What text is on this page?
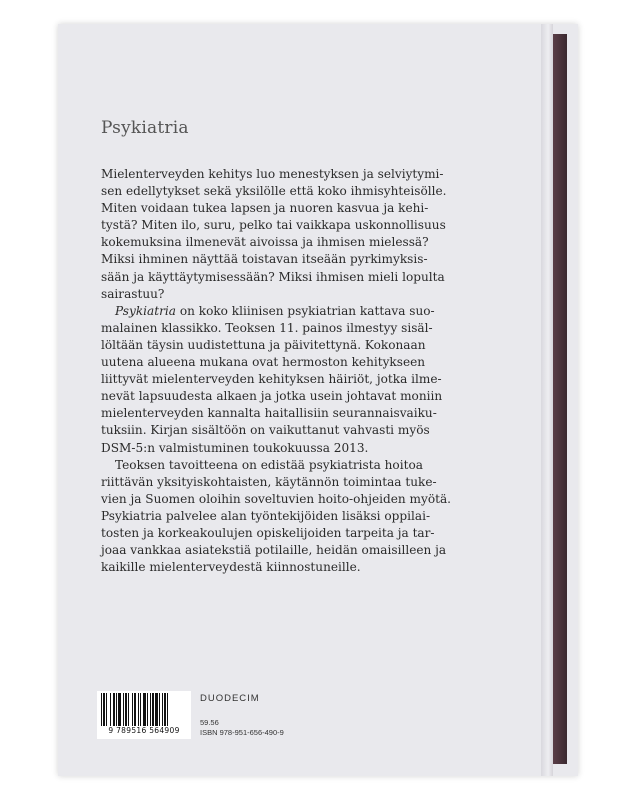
Psykiatria
Mielenterveyden kehitys luo menestyksen ja selviytymi-
sen edellytykset sekä yksilölle että koko ihmisyhteisölle.
Miten voidaan tukea lapsen ja nuoren kasvua ja kehi-
tystä? Miten ilo, suru, pelko tai vaikkapa uskonnollisuus
kokemuksina ilmenevät aivoissa ja ihmisen mielessä?
Miksi ihminen näyttää toistavan itseään pyrkimyksis-
sään ja käyttäytymisessään? Miksi ihmisen mieli lopulta
sairastuu?
Psykiatria on koko kliinisen psykiatrian kattava suo-
malainen klassikko. Teoksen 11. painos ilmestyy sisäl-
löltään täysin uudistettuna ja päivitettynä. Kokonaan
uutena alueena mukana ovat hermoston kehitykseen
liittyvät mielenterveyden kehityksen häiriöt, jotka ilme-
nevät lapsuudesta alkaen ja jotka usein johtavat moniin
mielenterveyden kannalta haitallisiin seurannaisvaiku-
tuksiin. Kirjan sisältöön on vaikuttanut vahvasti myös
DSM-5:n valmistuminen toukokuussa 2013.
Teoksen tavoitteena on edistää psykiatrista hoitoa
riittävän yksityiskohtaisten, käytännön toimintaa tuke-
vien ja Suomen oloihin soveltuvien hoito-ohjeiden myötä.
Psykiatria palvelee alan työntekijöiden lisäksi oppilai-
tosten ja korkeakoulujen opiskelijoiden tarpeita ja tar-
joaa vankkaa asiatekstiä potilaille, heidän omaisilleen ja
kaikille mielenterveydestä kiinnostuneille.
9 789516 564909
DUODECIM
59.56
ISBN 978-951-656-490-9
